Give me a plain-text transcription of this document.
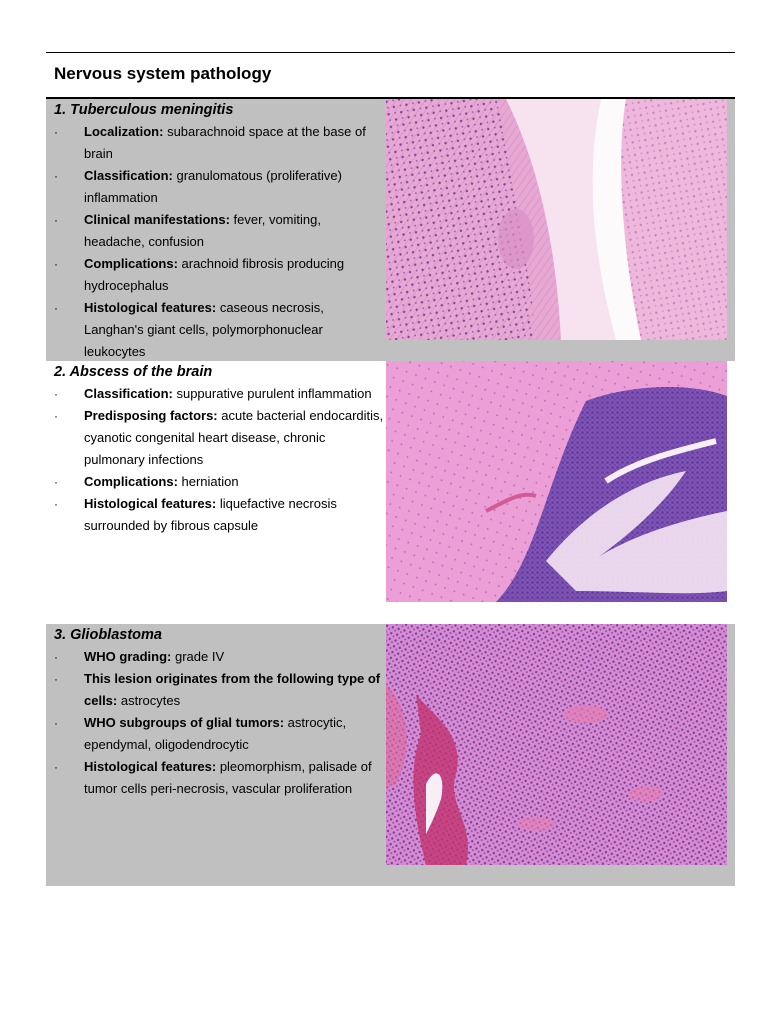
Nervous system pathology
1. Tuberculous meningitis
· Localization: subarachnoid space at the base of brain
· Classification: granulomatous (proliferative) inflammation
· Clinical manifestations: fever, vomiting, headache, confusion
· Complications: arachnoid fibrosis producing hydrocephalus
· Histological features: caseous necrosis, Langhan's giant cells, polymorphonuclear leukocytes
2. Abscess of the brain
· Classification: suppurative purulent inflammation
· Predisposing factors: acute bacterial endocarditis, cyanotic congenital heart disease, chronic pulmonary infections
· Complications: herniation
· Histological features: liquefactive necrosis surrounded by fibrous capsule
3. Glioblastoma
· WHO grading: grade IV
· This lesion originates from the following type of cells: astrocytes
· WHO subgroups of glial tumors: astrocytic, ependymal, oligodendrocytic
· Histological features: pleomorphism, palisade of tumor cells peri-necrosis, vascular proliferation
